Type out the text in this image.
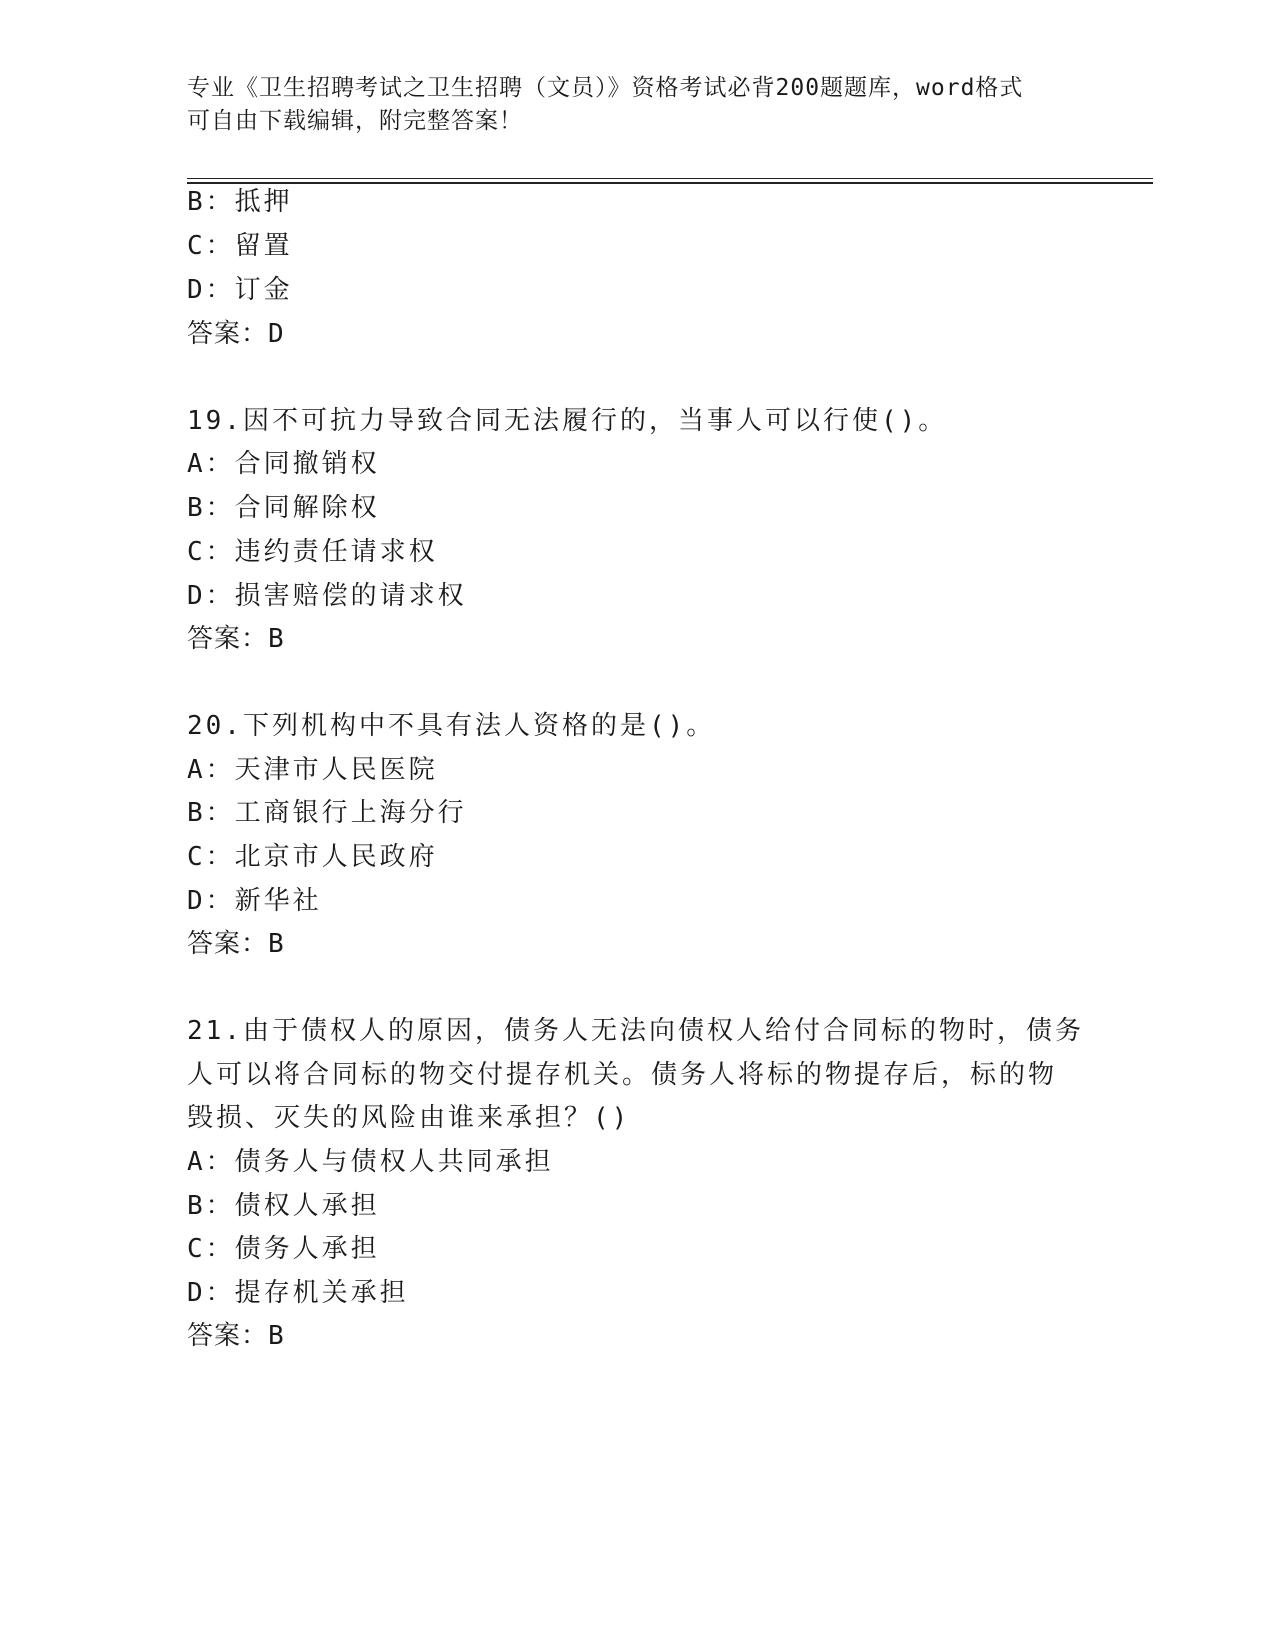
专业《卫生招聘考试之卫生招聘（文员）》资格考试必背200题题库，word格式
可自由下载编辑，附完整答案！
B：抵押
C：留置
D：订金
答案：D
19.因不可抗力导致合同无法履行的，当事人可以行使()。
A：合同撤销权
B：合同解除权
C：违约责任请求权
D：损害赔偿的请求权
答案：B
20.下列机构中不具有法人资格的是()。
A：天津市人民医院
B：工商银行上海分行
C：北京市人民政府
D：新华社
答案：B
21.由于债权人的原因，债务人无法向债权人给付合同标的物时，债务
人可以将合同标的物交付提存机关。债务人将标的物提存后，标的物
毁损、灭失的风险由谁来承担？()
A：债务人与债权人共同承担
B：债权人承担
C：债务人承担
D：提存机关承担
答案：B
